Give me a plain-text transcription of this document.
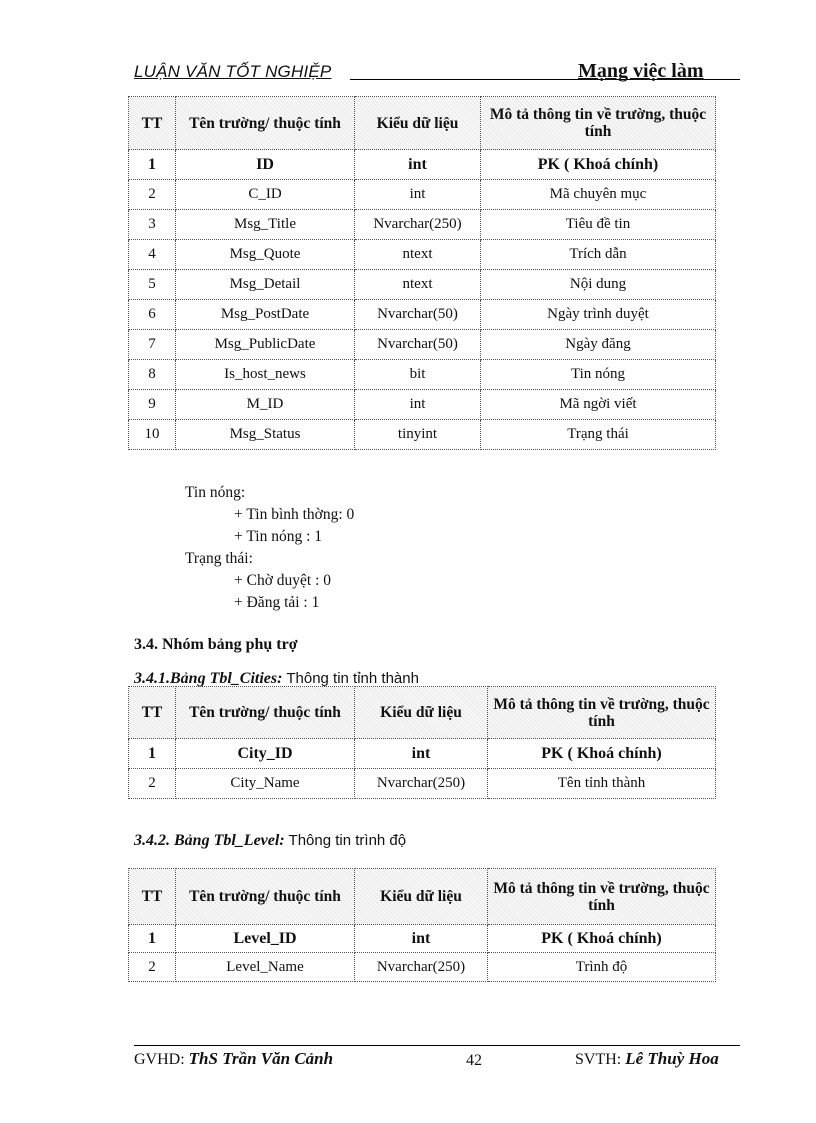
LUẬN VĂN TỐT NGHIỆP	Mạng việc làm
TT	Tên trường/ thuộc tính	Kiểu dữ liệu	Mô tả thông tin về trường, thuộc tính
1	ID	int	PK ( Khoá chính)
2	C_ID	int	Mã chuyên mục
3	Msg_Title	Nvarchar(250)	Tiêu đề tin
4	Msg_Quote	ntext	Trích dẫn
5	Msg_Detail	ntext	Nội dung
6	Msg_PostDate	Nvarchar(50)	Ngày trình duyệt
7	Msg_PublicDate	Nvarchar(50)	Ngày đăng
8	Is_host_news	bit	Tin nóng
9	M_ID	int	Mã ngời viết
10	Msg_Status	tinyint	Trạng thái
Tin nóng:
+ Tin bình thờng: 0
+ Tin nóng : 1
Trạng thái:
+ Chờ duyệt : 0
+ Đăng tải : 1
3.4. Nhóm bảng phụ trợ
3.4.1.Bảng Tbl_Cities: Thông tin tỉnh thành
TT	Tên trường/ thuộc tính	Kiểu dữ liệu	Mô tả thông tin về trường, thuộc tính
1	City_ID	int	PK ( Khoá chính)
2	City_Name	Nvarchar(250)	Tên tỉnh thành
3.4.2. Bảng Tbl_Level: Thông tin trình độ
TT	Tên trường/ thuộc tính	Kiểu dữ liệu	Mô tả thông tin về trường, thuộc tính
1	Level_ID	int	PK ( Khoá chính)
2	Level_Name	Nvarchar(250)	Trình độ
GVHD: ThS Trần Văn Cảnh	42	SVTH: Lê Thuỳ Hoa
